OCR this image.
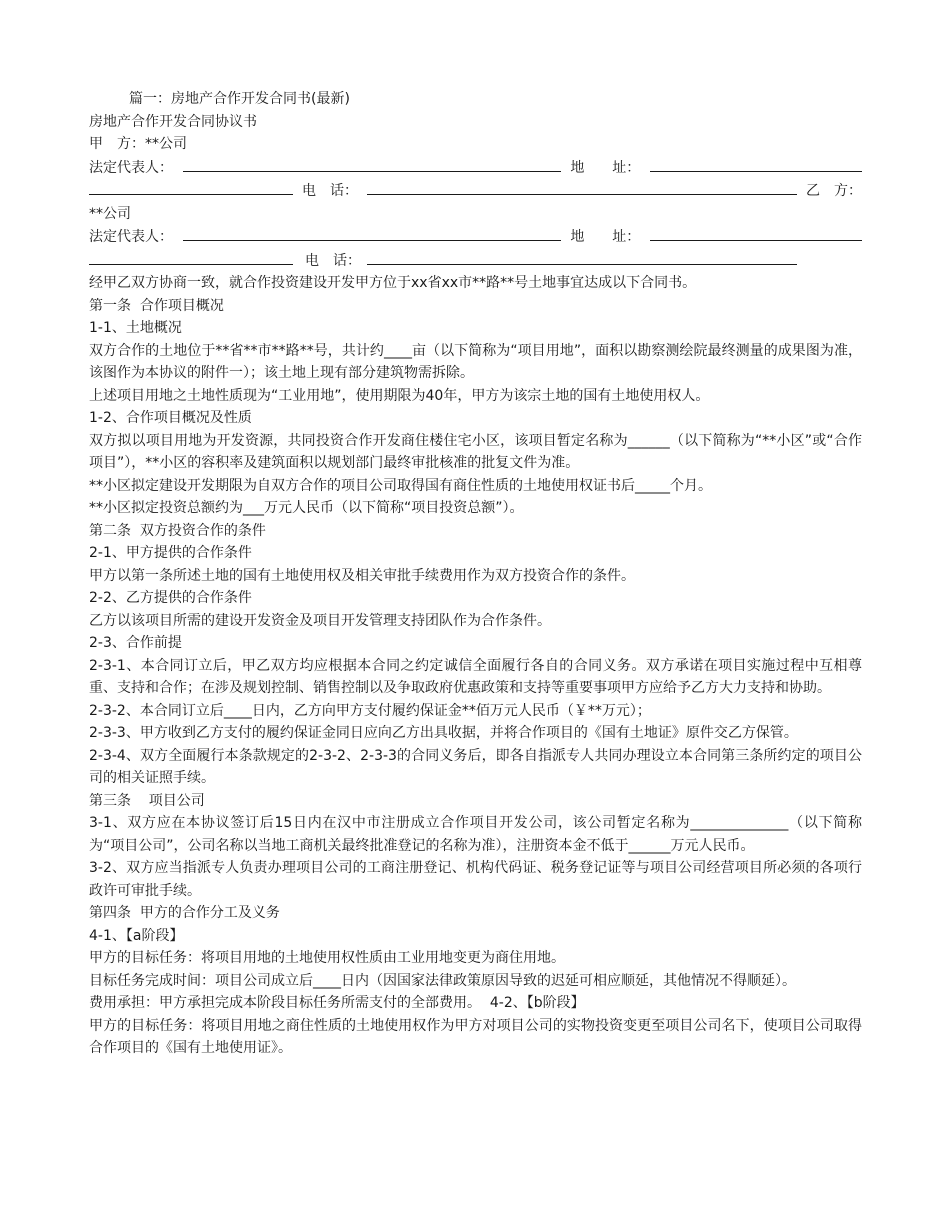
篇一：房地产合作开发合同书(最新)

房地产合作开发合同协议书

甲　方：**公司

法定代表人：	地　　址：
电　话：	乙　方：

**公司

法定代表人：	地　　址：
电　话：

经甲乙双方协商一致，就合作投资建设开发甲方位于xx省xx市**路**号土地事宜达成以下合同书。

第一条  合作项目概况

1-1、土地概况

双方合作的土地位于**省**市**路**号，共计约____亩（以下简称为“项目用地”，面积以勘察测绘院最终测量的成果图为准，该图作为本协议的附件一）；该土地上现有部分建筑物需拆除。

上述项目用地之土地性质现为“工业用地”，使用期限为40年，甲方为该宗土地的国有土地使用权人。

1-2、合作项目概况及性质

双方拟以项目用地为开发资源，共同投资合作开发商住楼住宅小区，该项目暂定名称为______（以下简称为“**小区”或“合作项目”），**小区的容积率及建筑面积以规划部门最终审批核准的批复文件为准。

**小区拟定建设开发期限为自双方合作的项目公司取得国有商住性质的土地使用权证书后_____个月。

**小区拟定投资总额约为___万元人民币（以下简称“项目投资总额”）。

第二条  双方投资合作的条件

2-1、甲方提供的合作条件

甲方以第一条所述土地的国有土地使用权及相关审批手续费用作为双方投资合作的条件。

2-2、乙方提供的合作条件

乙方以该项目所需的建设开发资金及项目开发管理支持团队作为合作条件。

2-3、合作前提

2-3-1、本合同订立后，甲乙双方均应根据本合同之约定诚信全面履行各自的合同义务。双方承诺在项目实施过程中互相尊重、支持和合作；在涉及规划控制、销售控制以及争取政府优惠政策和支持等重要事项甲方应给予乙方大力支持和协助。

2-3-2、本合同订立后____日内，乙方向甲方支付履约保证金**佰万元人民币（￥**万元）；

2-3-3、甲方收到乙方支付的履约保证金同日应向乙方出具收据，并将合作项目的《国有土地证》原件交乙方保管。

2-3-4、双方全面履行本条款规定的2-3-2、2-3-3的合同义务后，即各自指派专人共同办理设立本合同第三条所约定的项目公司的相关证照手续。

第三条    项目公司

3-1、双方应在本协议签订后15日内在汉中市注册成立合作项目开发公司，该公司暂定名称为______________（以下简称为“项目公司”，公司名称以当地工商机关最终批准登记的名称为准），注册资本金不低于______万元人民币。

3-2、双方应当指派专人负责办理项目公司的工商注册登记、机构代码证、税务登记证等与项目公司经营项目所必须的各项行政许可审批手续。

第四条  甲方的合作分工及义务

4-1、【a阶段】

甲方的目标任务：将项目用地的土地使用权性质由工业用地变更为商住用地。

目标任务完成时间：项目公司成立后____日内（因国家法律政策原因导致的迟延可相应顺延，其他情况不得顺延）。

费用承担：甲方承担完成本阶段目标任务所需支付的全部费用。  4-2、【b阶段】

甲方的目标任务：将项目用地之商住性质的土地使用权作为甲方对项目公司的实物投资变更至项目公司名下，使项目公司取得合作项目的《国有土地使用证》。
